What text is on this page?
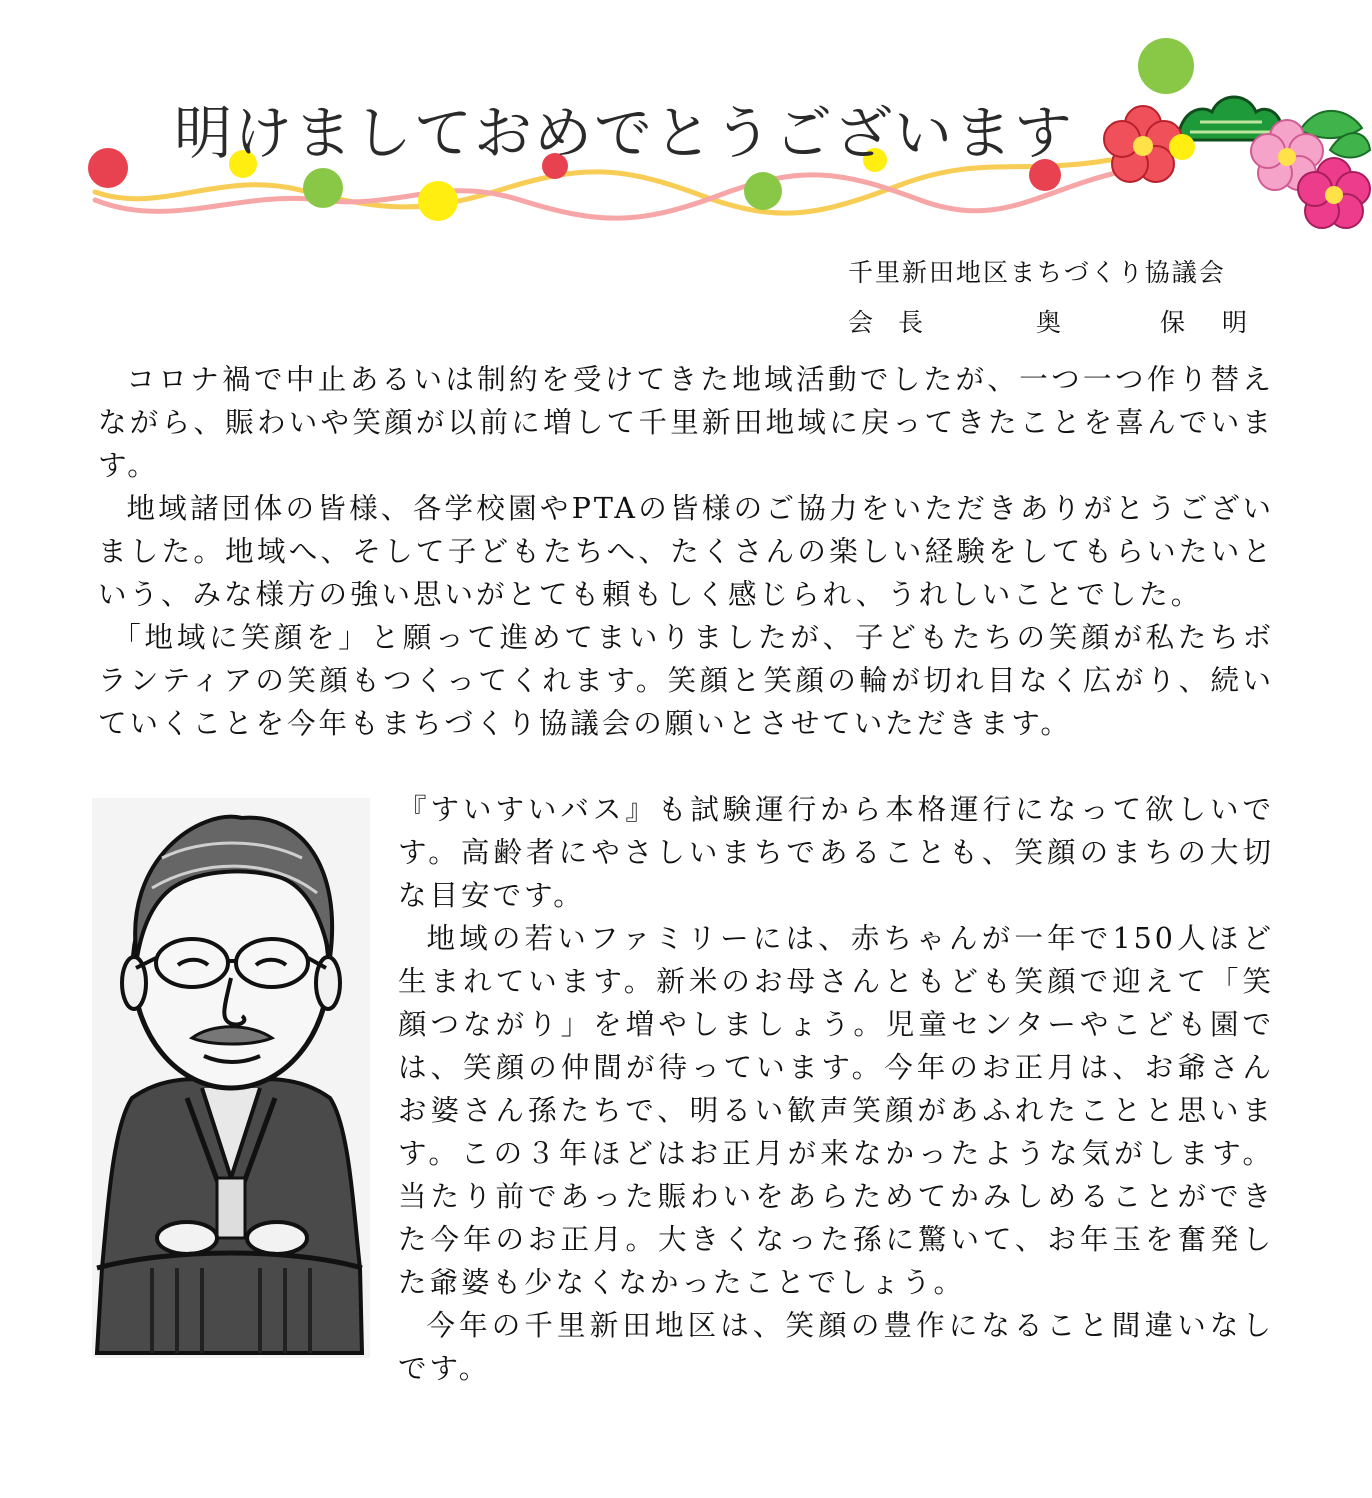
明けましておめでとうございます
千里新田地区まちづくり協議会
会　長	奥	保 明

コロナ禍で中止あるいは制約を受けてきた地域活動でしたが、一つ一つ作り替えながら、賑わいや笑顔が以前に増して千里新田地域に戻ってきたことを喜んでいます。

地域諸団体の皆様、各学校園やPTAの皆様のご協力をいただきありがとうございました。地域へ、そして子どもたちへ、たくさんの楽しい経験をしてもらいたいという、みな様方の強い思いがとても頼もしく感じられ、うれしいことでした。

「地域に笑顔を」と願って進めてまいりましたが、子どもたちの笑顔が私たちボランティアの笑顔もつくってくれます。笑顔と笑顔の輪が切れ目なく広がり、続いていくことを今年もまちづくり協議会の願いとさせていただきます。

『すいすいバス』も試験運行から本格運行になって欲しいです。高齢者にやさしいまちであることも、笑顔のまちの大切な目安です。

地域の若いファミリーには、赤ちゃんが一年で150人ほど生まれています。新米のお母さんともども笑顔で迎えて「笑顔つながり」を増やしましょう。児童センターやこども園では、笑顔の仲間が待っています。今年のお正月は、お爺さんお婆さん孫たちで、明るい歓声笑顔があふれたことと思います。この３年ほどはお正月が来なかったような気がします。当たり前であった賑わいをあらためてかみしめることができた今年のお正月。大きくなった孫に驚いて、お年玉を奮発した爺婆も少なくなかったことでしょう。

今年の千里新田地区は、笑顔の豊作になること間違いなしです。
